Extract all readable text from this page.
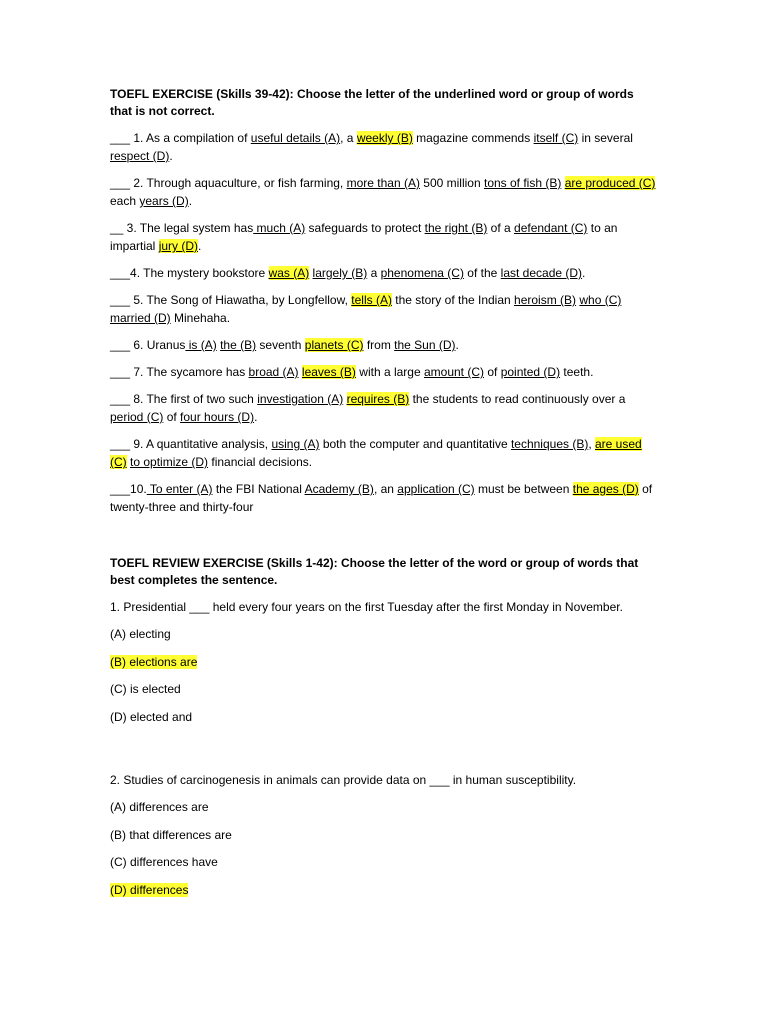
TOEFL EXERCISE (Skills 39-42): Choose the letter of the underlined word or group of words that is not correct.
___ 1. As a compilation of useful details (A), a weekly (B) magazine commends itself (C) in several respect (D).
___ 2. Through aquaculture, or fish farming, more than (A) 500 million tons of fish (B) are produced (C) each years (D).
__ 3. The legal system has much (A) safeguards to protect the right (B) of a defendant (C) to an impartial jury (D).
___4. The mystery bookstore was (A) largely (B) a phenomena (C) of the last decade (D).
___ 5. The Song of Hiawatha, by Longfellow, tells (A) the story of the Indian heroism (B) who (C) married (D) Minehaha.
___ 6. Uranus is (A) the (B) seventh planets (C) from the Sun (D).
___ 7. The sycamore has broad (A) leaves (B) with a large amount (C) of pointed (D) teeth.
___ 8. The first of two such investigation (A) requires (B) the students to read continuously over a period (C) of four hours (D).
___ 9. A quantitative analysis, using (A) both the computer and quantitative techniques (B), are used (C) to optimize (D) financial decisions.
___10. To enter (A) the FBI National Academy (B), an application (C) must be between the ages (D) of twenty-three and thirty-four
TOEFL REVIEW EXERCISE (Skills 1-42): Choose the letter of the word or group of words that best completes the sentence.
1. Presidential ___ held every four years on the first Tuesday after the first Monday in November.
(A) electing
(B) elections are
(C) is elected
(D) elected and
2. Studies of carcinogenesis in animals can provide data on ___ in human susceptibility.
(A) differences are
(B) that differences are
(C) differences have
(D) differences
